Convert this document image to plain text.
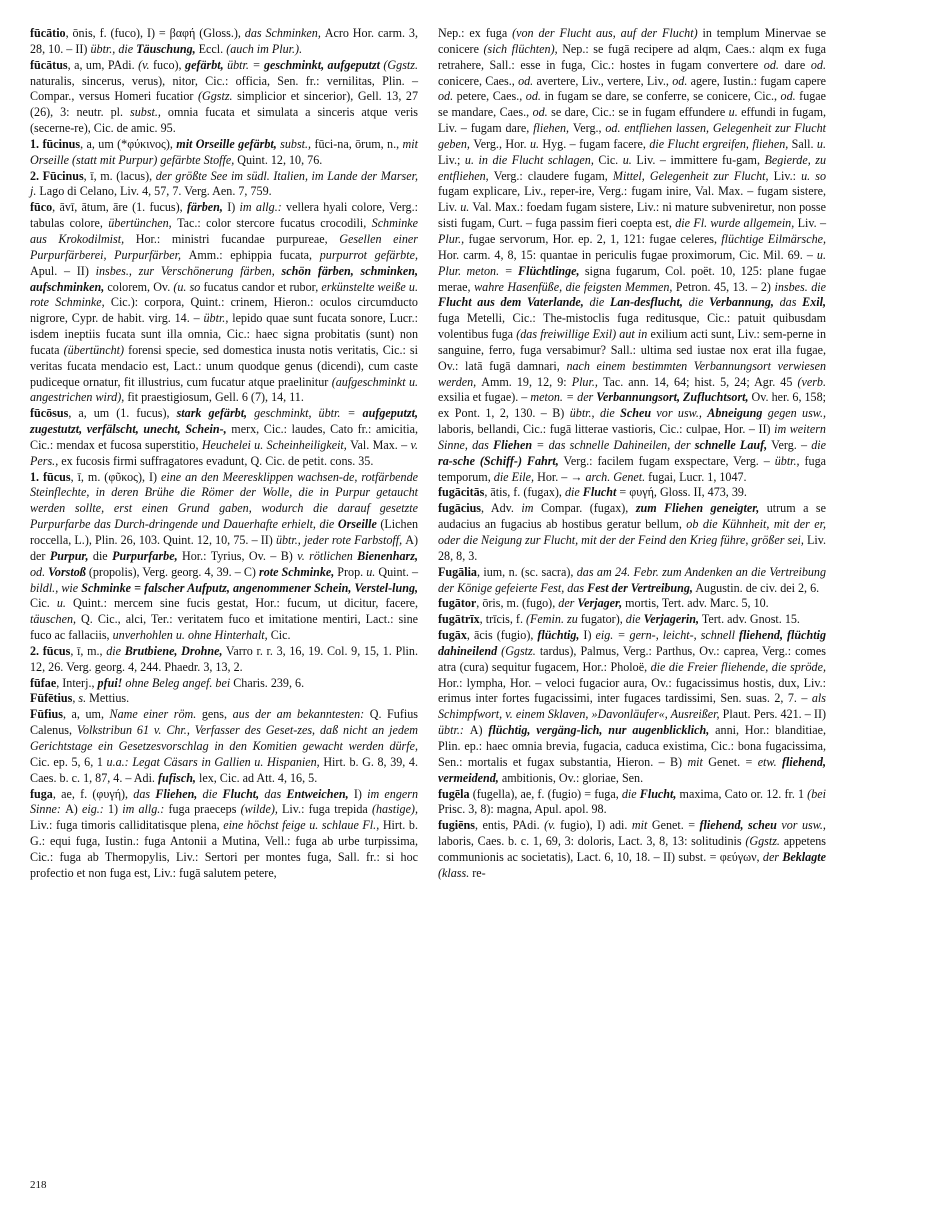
fūcātio, ōnis, f. (fuco), I) = βαφή (Gloss.), das Schminken, Acro Hor. carm. 3, 28, 10. – II) übtr., die Täuschung, Eccl. (auch im Plur.).

fūcātus, a, um, PAdi. (v. fuco), gefärbt, übtr. = geschminkt, aufgeputzt (Ggstz. naturalis, sincerus, verus), nitor, Cic.: officia, Sen. fr.: vernilitas, Plin. – Compar., versus Homeri fucatior (Ggstz. simplicior et sincerior), Gell. 13, 27 (26), 3: neutr. pl. subst., omnia fucata et simulata a sinceris atque veris (secerne-re), Cic. de amic. 95.

1. fūcinus, a, um (*φύκινος), mit Orseille gefärbt, subst., fūci-na, ōrum, n., mit Orseille (statt mit Purpur) gefärbte Stoffe, Quint. 12, 10, 76.

2. Fūcinus, ī, m. (lacus), der größte See im südl. Italien, im Lande der Marser, j. Lago di Celano, Liv. 4, 57, 7. Verg. Aen. 7, 759.

fūco, āvī, ātum, āre (1. fucus), färben, I) im allg.: vellera hyali colore, Verg.: tabulas colore, übertünchen, Tac.: color stercore fucatus crocodili, Schminke aus Krokodilmist, Hor.: ministri fucandae purpureae, Gesellen einer Purpurfärberei, Purpurfärber, Amm.: ephippia fucata, purpurrot gefärbte, Apul. – II) insbes., zur Verschönerung färben, schön färben, schminken, aufschminken, colorem, Ov. (u. so fucatus candor et rubor, erkünstelte weiße u. rote Schminke, Cic.): corpora, Quint.: crinem, Hieron.: oculos circumducto nigrore, Cypr. de habit. virg. 14. – übtr., lepido quae sunt fucata sonore, Lucr.: isdem ineptiis fucata sunt illa omnia, Cic.: haec signa probitatis (sunt) non fucata (übertüncht) forensi specie, sed domestica inusta notis veritatis, Cic.: si veritas fucata mendacio est, Lact.: unum quodque genus (dicendi), cum caste pudiceque ornatur, fit illustrius, cum fucatur atque praelinitur (aufgeschminkt u. angestrichen wird), fit praestigiosum, Gell. 6 (7), 14, 11.

fūcōsus, a, um (1. fucus), stark gefärbt, geschminkt, übtr. = aufgeputzt, zugestutzt, verfälscht, unecht, Schein-, merx, Cic.: laudes, Cato fr.: amicitia, Cic.: mendax et fucosa superstitio, Heuchelei u. Scheinheiligkeit, Val. Max. – v. Pers., ex fucosis firmi suffragatores evadunt, Q. Cic. de petit. cons. 35.

1. fūcus, ī, m. (φῦκος), I) eine an den Meeresklippen wachsen-de, rotfärbende Steinflechte, in deren Brühe die Römer der Wolle, die in Purpur getaucht werden sollte, erst einen Grund gaben, wodurch die darauf gesetzte Purpurfarbe das Durch-dringende und Dauerhafte erhielt, die Orseille (Lichen roccella, L.), Plin. 26, 103. Quint. 12, 10, 75. – II) übtr., jeder rote Farbstoff, A) der Purpur, die Purpurfarbe, Hor.: Tyrius, Ov. – B) v. rötlichen Bienenharz, od. Vorstoß (propolis), Verg. georg. 4, 39. – C) rote Schminke, Prop. u. Quint. – bildl., wie Schminke = falscher Aufputz, angenommener Schein, Verstel-lung, Cic. u. Quint.: mercem sine fucis gestat, Hor.: fucum, ut dicitur, facere, täuschen, Q. Cic., alci, Ter.: veritatem fuco et imitatione mentiri, Lact.: sine fuco ac fallaciis, unverhohlen u. ohne Hinterhalt, Cic.

2. fūcus, ī, m., die Brutbiene, Drohne, Varro r. r. 3, 16, 19. Col. 9, 15, 1. Plin. 12, 26. Verg. georg. 4, 244. Phaedr. 3, 13, 2.

fūfae, Interj., pfui! ohne Beleg angef. bei Charis. 239, 6.

Fūfētius, s. Mettius.

Fūfius, a, um, Name einer röm. gens, aus der am bekanntesten: Q. Fufius Calenus, Volkstribun 61 v. Chr., Verfasser des Geset-zes, daß nicht an jedem Gerichtstage ein Gesetzesvorschlag in den Komitien gewacht werden dürfe, Cic. ep. 5, 6, 1 u.a.: Legat Cäsars in Gallien u. Hispanien, Hirt. b. G. 8, 39, 4. Caes. b. c. 1, 87, 4. – Adi. fufisch, lex, Cic. ad Att. 4, 16, 5.

fuga, ae, f. (φυγή), das Fliehen, die Flucht, das Entweichen, I) im engern Sinne: A) eig.: 1) im allg.: fuga praeceps (wilde), Liv.: fuga trepida (hastige), Liv.: fuga timoris calliditatisque plena, eine höchst feige u. schlaue Fl., Hirt. b. G.: equi fuga, Iustin.: fuga Antonii a Mutina, Vell.: fuga ab urbe turpissima, Cic.: fuga ab Thermopylis, Liv.: Sertori per montes fuga, Sall. fr.: si hoc profectio et non fuga est, Liv.: fugā salutem petere,

Nep.: ex fuga (von der Flucht aus, auf der Flucht) in templum Minervae se conicere (sich flüchten), Nep.: se fugā recipere ad alqm, Caes.: alqm ex fuga retrahere, Sall.: esse in fuga, Cic.: hostes in fugam convertere od. dare od. conicere, Caes., od. avertere, Liv., vertere, Liv., od. agere, Iustin.: fugam capere od. petere, Caes., od. in fugam se dare, se conferre, se conicere, Cic., od. fugae se mandare, Caes., od. se dare, Cic.: se in fugam effundere u. effundi in fugam, Liv. – fugam dare, fliehen, Verg., od. entfliehen lassen, Gelegenheit zur Flucht geben, Verg., Hor. u. Hyg. – fugam facere, die Flucht ergreifen, fliehen, Sall. u. Liv.; u. in die Flucht schlagen, Cic. u. Liv. – immittere fu-gam, Begierde, zu entfliehen, Verg.: claudere fugam, Mittel, Gelegenheit zur Flucht, Liv.: u. so fugam explicare, Liv., reper-ire, Verg.: fugam inire, Val. Max. – fugam sistere, Liv. u. Val. Max.: foedam fugam sistere, Liv.: ni mature subveniretur, non posse sisti fugam, Curt. – fuga passim fieri coepta est, die Fl. wurde allgemein, Liv. – Plur., fugae servorum, Hor. ep. 2, 1, 121: fugae celeres, flüchtige Eilmärsche, Hor. carm. 4, 8, 15: quantae in periculis fugae proximorum, Cic. Mil. 69. – u. Plur. meton. = Flüchtlinge, signa fugarum, Col. poët. 10, 125: plane fugae merae, wahre Hasenfüße, die feigsten Memmen, Petron. 45, 13. – 2) insbes. die Flucht aus dem Vaterlande, die Lan-desflucht, die Verbannung, das Exil, fuga Metelli, Cic.: The-mistoclis fuga reditusque, Cic.: patuit quibusdam volentibus fuga (das freiwillige Exil) aut in exilium acti sunt, Liv.: sem-perne in sanguine, ferro, fuga versabimur? Sall.: ultima sed iustae nox erat illa fugae, Ov.: latā fugā damnari, nach einem bestimmten Verbannungsort verwiesen werden, Amm. 19, 12, 9: Plur., Tac. ann. 14, 64; hist. 5, 24; Agr. 45 (verb. exsilia et fugae). – meton. = der Verbannungsort, Zufluchtsort, Ov. her. 6, 158; ex Pont. 1, 2, 130. – B) übtr., die Scheu vor usw., Abneigung gegen usw., laboris, bellandi, Cic.: fugā litterae vastioris, Cic.: culpae, Hor. – II) im weitern Sinne, das Fliehen = das schnelle Dahineilen, der schnelle Lauf, Verg. – die ra-sche (Schiff-) Fahrt, Verg.: facilem fugam exspectare, Verg. – übtr., fuga temporum, die Eile, Hor. – → arch. Genet. fugai, Lucr. 1, 1047.

fugācitās, ātis, f. (fugax), die Flucht = φυγή, Gloss. II, 473, 39.

fugācius, Adv. im Compar. (fugax), zum Fliehen geneigter, utrum a se audacius an fugacius ab hostibus geratur bellum, ob die Kühnheit, mit der er, oder die Neigung zur Flucht, mit der der Feind den Krieg führe, größer sei, Liv. 28, 8, 3.

Fugālia, ium, n. (sc. sacra), das am 24. Febr. zum Andenken an die Vertreibung der Könige gefeierte Fest, das Fest der Vertreibung, Augustin. de civ. dei 2, 6.

fugātor, ōris, m. (fugo), der Verjager, mortis, Tert. adv. Marc. 5, 10.

fugātrīx, trīcis, f. (Femin. zu fugator), die Verjagerin, Tert. adv. Gnost. 15.

fugāx, ācis (fugio), flüchtig, I) eig. = gern-, leicht-, schnell fliehend, flüchtig dahineilend (Ggstz. tardus), Palmus, Verg.: Parthus, Ov.: caprea, Verg.: comes atra (cura) sequitur fugacem, Hor.: Pholoë, die die Freier fliehende, die spröde, Hor.: lympha, Hor. – veloci fugacior aura, Ov.: fugacissimus hostis, dux, Liv.: erimus inter fortes fugacissimi, inter fugaces tardissimi, Sen. suas. 2, 7. – als Schimpfwort, v. einem Sklaven, »Davonläufer«, Ausreißer, Plaut. Pers. 421. – II) übtr.: A) flüchtig, vergäng-lich, nur augenblicklich, anni, Hor.: blanditiae, Plin. ep.: haec omnia brevia, fugacia, caduca existima, Cic.: bona fugacissima, Sen.: mortalis et fugax substantia, Hieron. – B) mit Genet. = etw. fliehend, vermeidend, ambitionis, Ov.: gloriae, Sen.

fugēla (fugella), ae, f. (fugio) = fuga, die Flucht, maxima, Cato or. 12. fr. 1 (bei Prisc. 3, 8): magna, Apul. apol. 98.

fugiēns, entis, PAdi. (v. fugio), I) adi. mit Genet. = fliehend, scheu vor usw., laboris, Caes. b. c. 1, 69, 3: doloris, Lact. 3, 8, 13: solitudinis (Ggstz. appetens communionis ac societatis), Lact. 6, 10, 18. – II) subst. = φεύγων, der Beklagte (klass. re-

218
